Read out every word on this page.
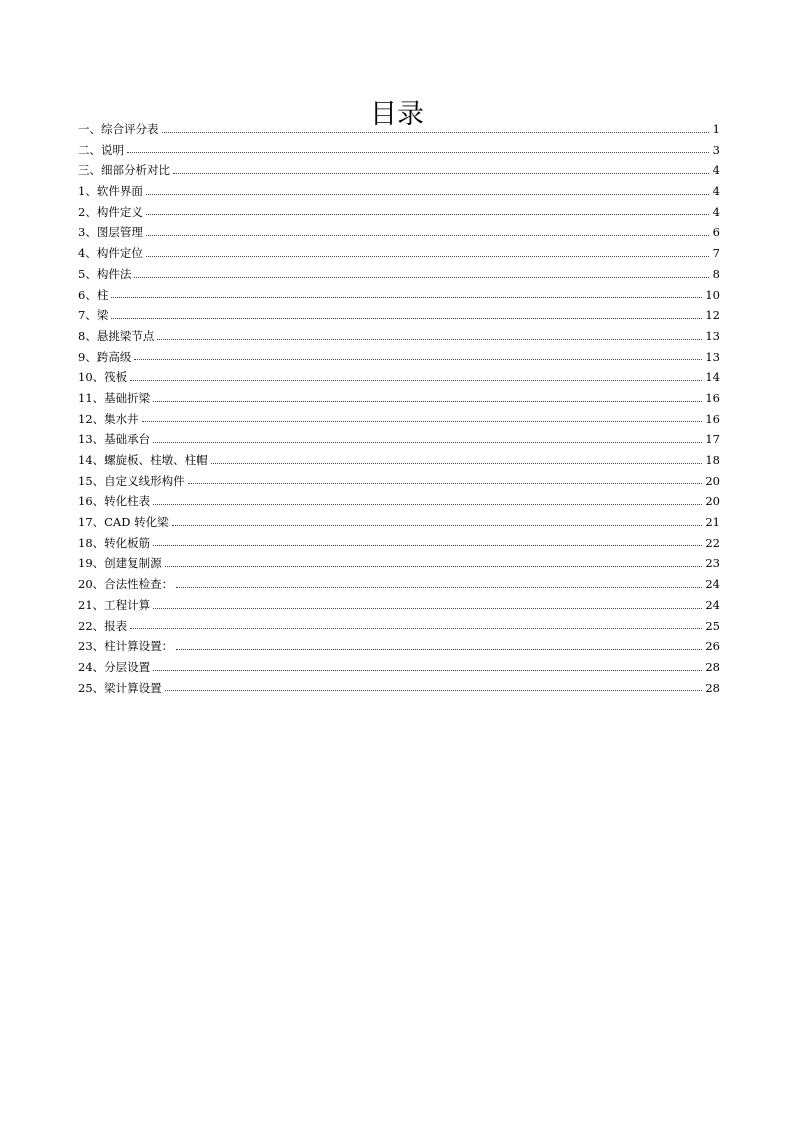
目录
一、综合评分表	1
二、说明	3
三、细部分析对比	4
1、软件界面	4
2、构件定义	4
3、图层管理	6
4、构件定位	7
5、构件法	8
6、柱	10
7、梁	12
8、悬挑梁节点	13
9、跨高级	13
10、筏板	14
11、基础折梁	16
12、集水井	16
13、基础承台	17
14、螺旋板、柱墩、柱帽	18
15、自定义线形构件	20
16、转化柱表	20
17、CAD 转化梁	21
18、转化板筋	22
19、创建复制源	23
20、合法性检查：	24
21、工程计算	24
22、报表	25
23、柱计算设置：	26
24、分层设置	28
25、梁计算设置	28
